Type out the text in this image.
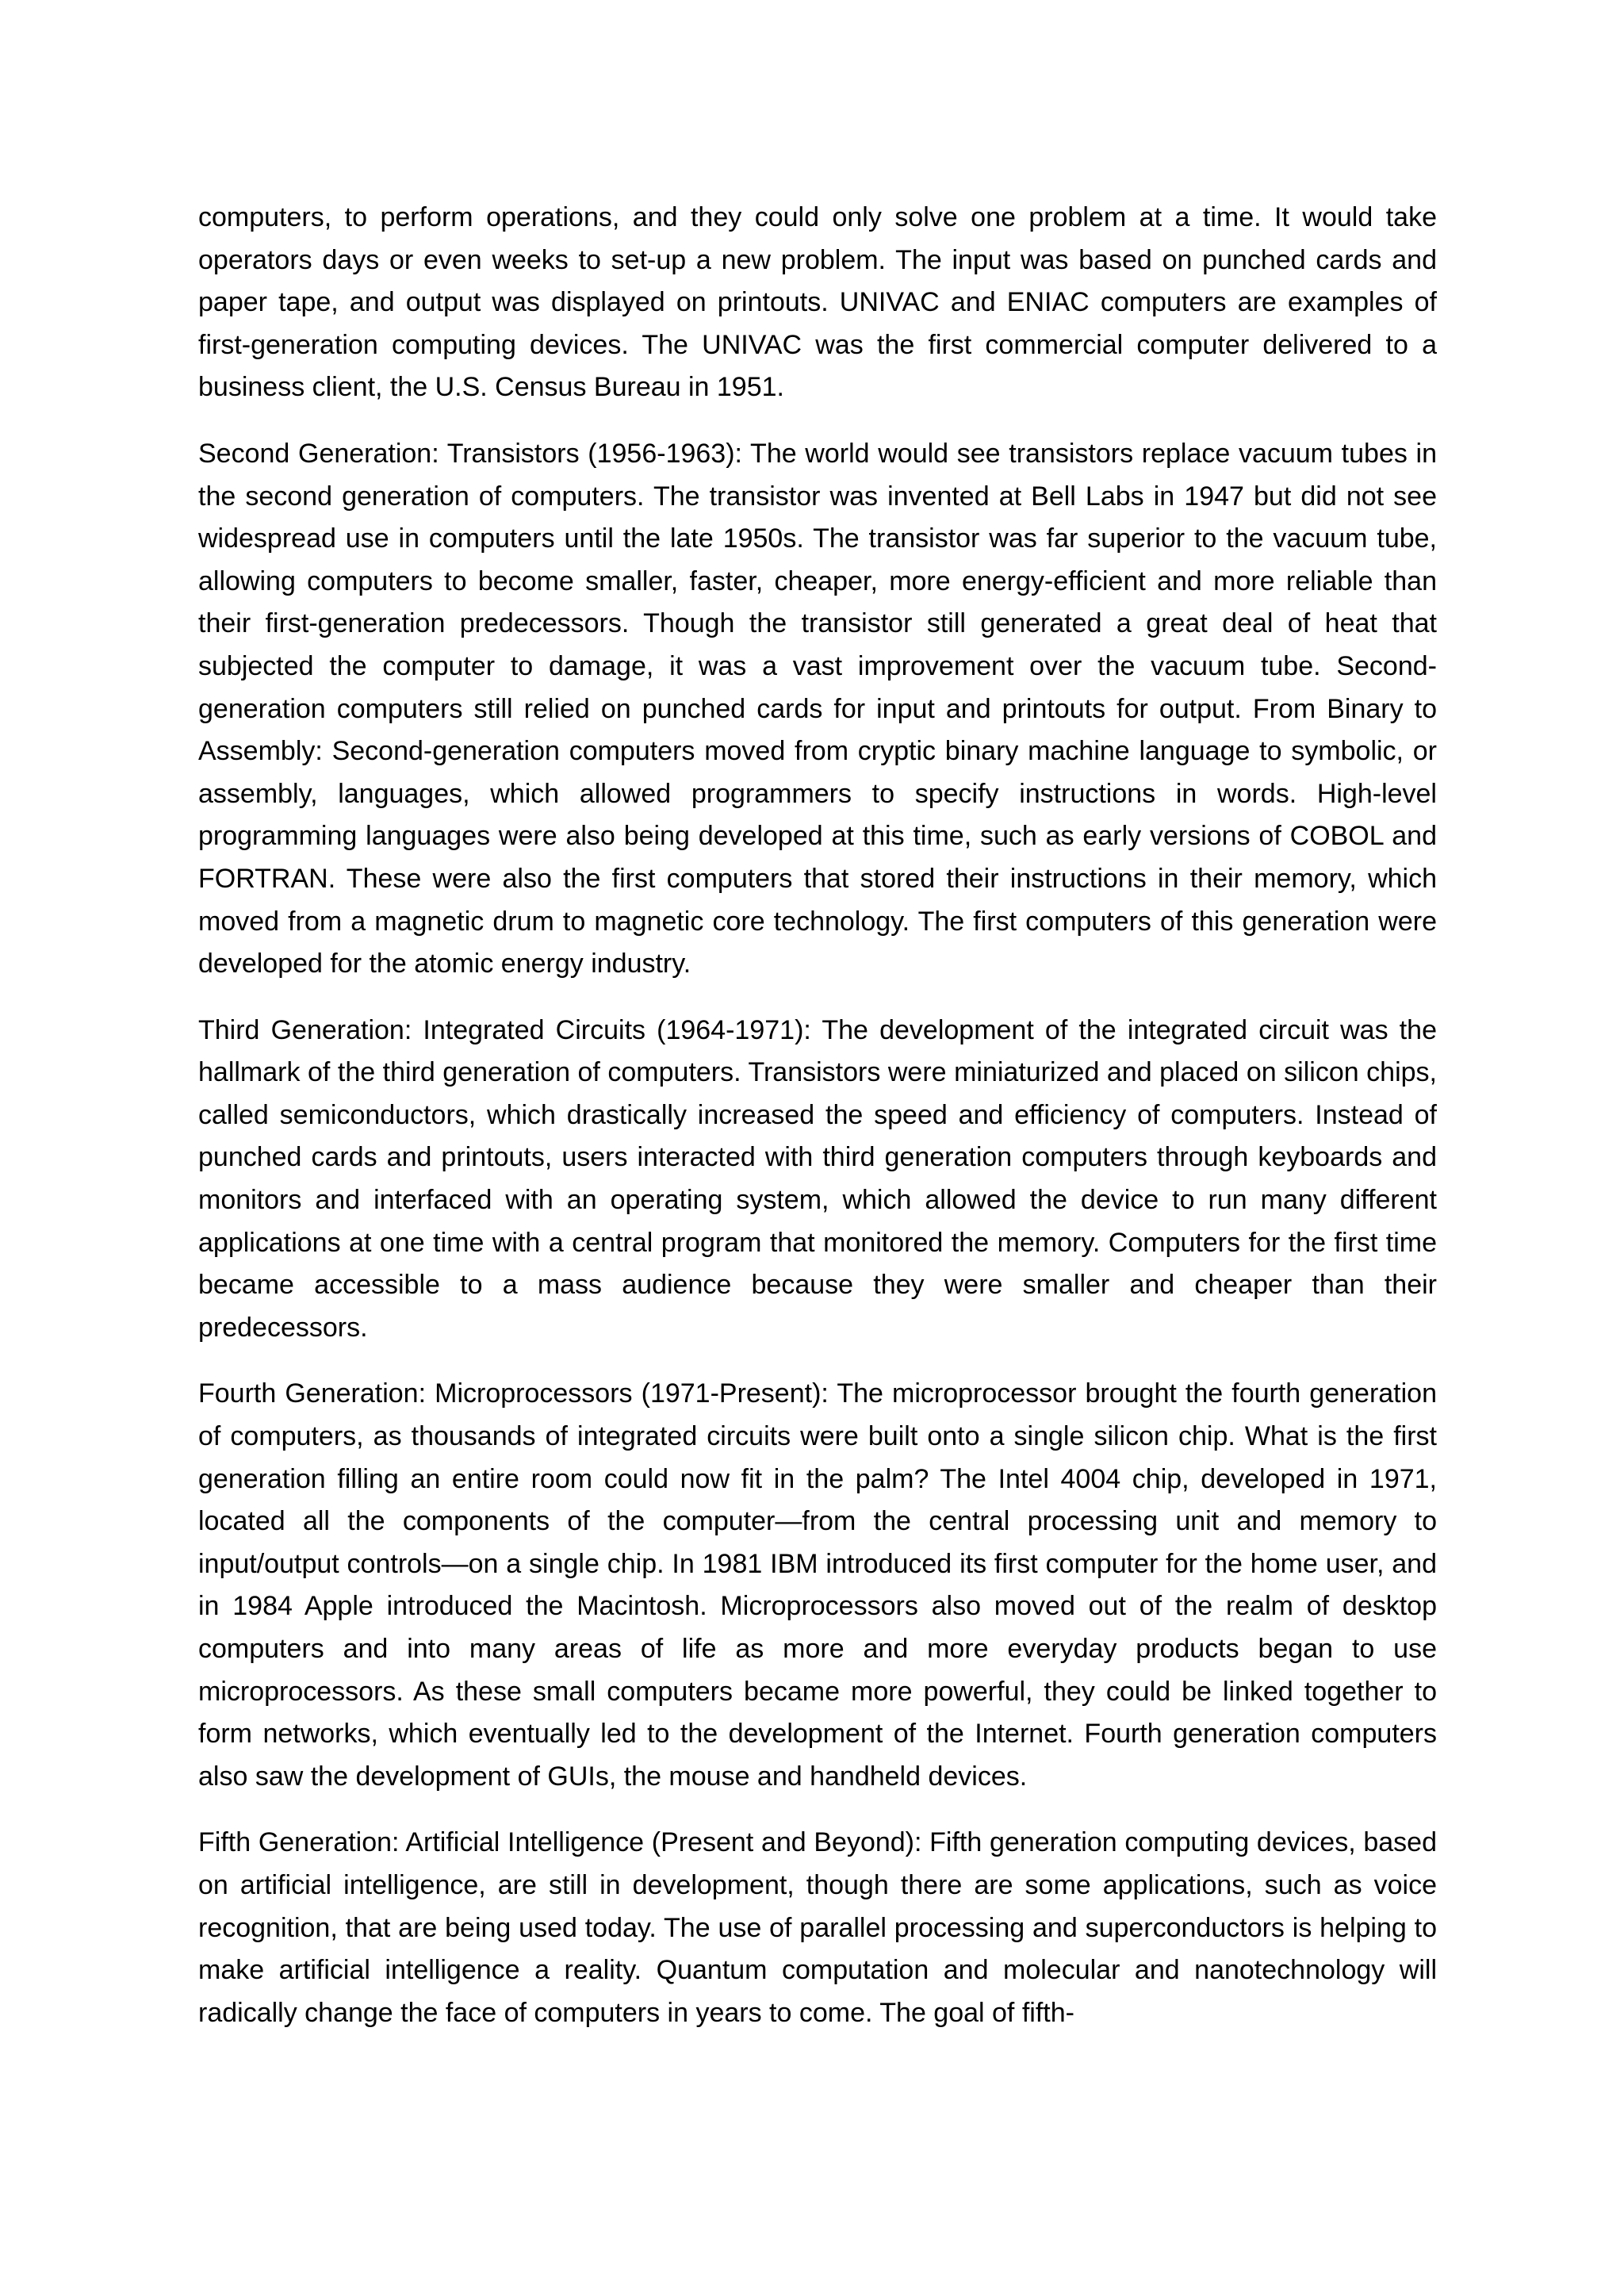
computers, to perform operations, and they could only solve one problem at a time. It would take operators days or even weeks to set-up a new problem. The input was based on punched cards and paper tape, and output was displayed on printouts. UNIVAC and ENIAC computers are examples of first-generation computing devices. The UNIVAC was the first commercial computer delivered to a business client, the U.S. Census Bureau in 1951.

Second Generation: Transistors (1956-1963): The world would see transistors replace vacuum tubes in the second generation of computers. The transistor was invented at Bell Labs in 1947 but did not see widespread use in computers until the late 1950s. The transistor was far superior to the vacuum tube, allowing computers to become smaller, faster, cheaper, more energy-efficient and more reliable than their first-generation predecessors. Though the transistor still generated a great deal of heat that subjected the computer to damage, it was a vast improvement over the vacuum tube. Second-generation computers still relied on punched cards for input and printouts for output. From Binary to Assembly: Second-generation computers moved from cryptic binary machine language to symbolic, or assembly, languages, which allowed programmers to specify instructions in words. High-level programming languages were also being developed at this time, such as early versions of COBOL and FORTRAN. These were also the first computers that stored their instructions in their memory, which moved from a magnetic drum to magnetic core technology. The first computers of this generation were developed for the atomic energy industry.

Third Generation: Integrated Circuits (1964-1971): The development of the integrated circuit was the hallmark of the third generation of computers. Transistors were miniaturized and placed on silicon chips, called semiconductors, which drastically increased the speed and efficiency of computers. Instead of punched cards and printouts, users interacted with third generation computers through keyboards and monitors and interfaced with an operating system, which allowed the device to run many different applications at one time with a central program that monitored the memory. Computers for the first time became accessible to a mass audience because they were smaller and cheaper than their predecessors.

Fourth Generation: Microprocessors (1971-Present): The microprocessor brought the fourth generation of computers, as thousands of integrated circuits were built onto a single silicon chip. What is the first generation filling an entire room could now fit in the palm? The Intel 4004 chip, developed in 1971, located all the components of the computer—from the central processing unit and memory to input/output controls—on a single chip. In 1981 IBM introduced its first computer for the home user, and in 1984 Apple introduced the Macintosh. Microprocessors also moved out of the realm of desktop computers and into many areas of life as more and more everyday products began to use microprocessors. As these small computers became more powerful, they could be linked together to form networks, which eventually led to the development of the Internet. Fourth generation computers also saw the development of GUIs, the mouse and handheld devices.

Fifth Generation: Artificial Intelligence (Present and Beyond): Fifth generation computing devices, based on artificial intelligence, are still in development, though there are some applications, such as voice recognition, that are being used today. The use of parallel processing and superconductors is helping to make artificial intelligence a reality. Quantum computation and molecular and nanotechnology will radically change the face of computers in years to come. The goal of fifth-
